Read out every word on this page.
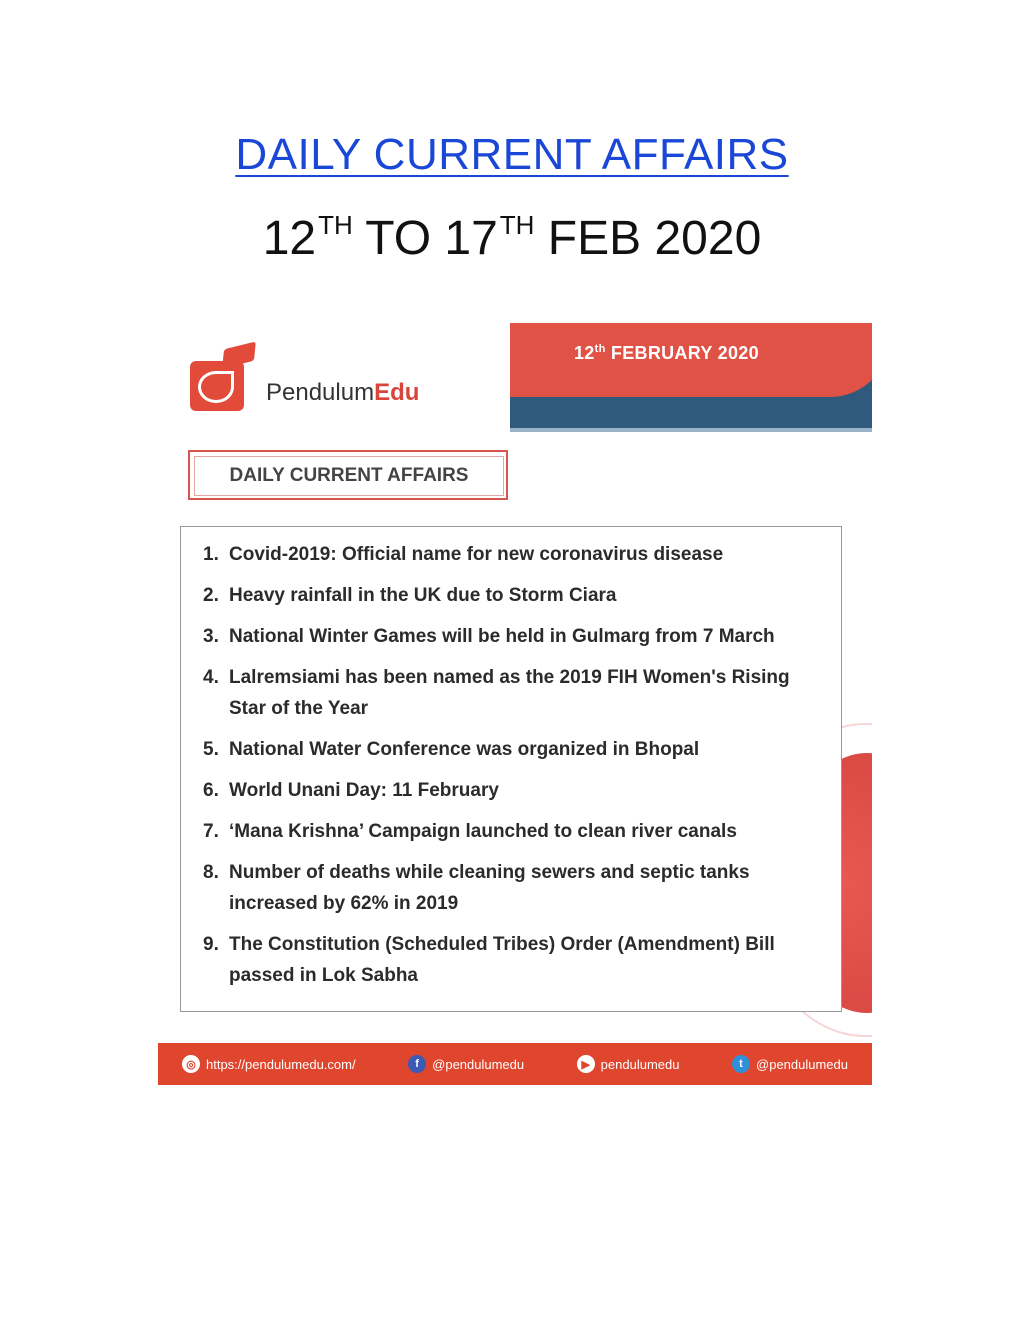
DAILY CURRENT AFFAIRS
12TH TO 17TH FEB 2020
PendulumEdu
12th FEBRUARY 2020
DAILY CURRENT AFFAIRS
1. Covid-2019: Official name for new coronavirus disease
2. Heavy rainfall in the UK due to Storm Ciara
3. National Winter Games will be held in Gulmarg from 7 March
4. Lalremsiami has been named as the 2019 FIH Women's Rising Star of the Year
5. National Water Conference was organized in Bhopal
6. World Unani Day: 11 February
7. ‘Mana Krishna’ Campaign launched to clean river canals
8. Number of deaths while cleaning sewers and septic tanks increased by 62% in 2019
9. The Constitution (Scheduled Tribes) Order (Amendment) Bill passed in Lok Sabha
◎ https://pendulumedu.com/	f	@pendulumedu	▶ pendulumedu	t	@pendulumedu
